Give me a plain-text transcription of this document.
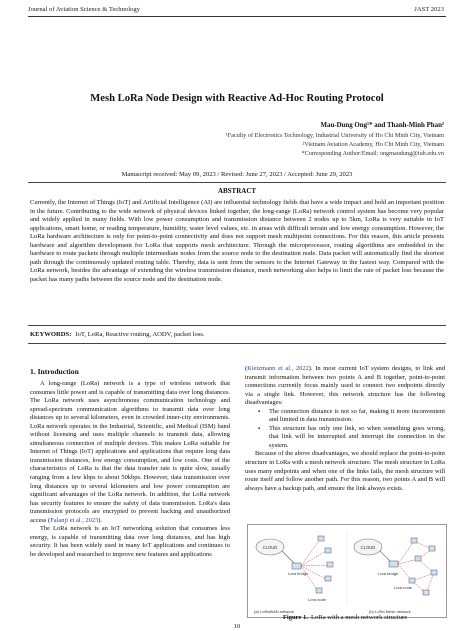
Journal of Aviation Science & Technology	JAST 2023
Mesh LoRa Node Design with Reactive Ad-Hoc Routing Protocol
Mau-Dung Ong¹* and Thanh-Minh Phan²
¹Faculty of Electronics Technology, Industrial University of Ho Chi Minh City, Vietnam
²Vietnam Aviation Academy, Ho Chi Minh City, Vietnam
*Corresponding Author/Email: ongmaudung@iuh.edu.vn
Manuscript received: May 09, 2023 / Revised: June 27, 2023 / Accepted: June 29, 2023
ABSTRACT

Currently, the Internet of Things (IoT) and Artificial Intelligence (AI) are influential technology fields that have a wide impact and hold an important position in the future. Contributing to the wide network of physical devices linked together, the long-range (LoRa) network control system has become very popular and widely applied in many fields. With low power consumption and transmission distance between 2 nodes up to 5km, LoRa is very suitable in IoT applications, smart home, or reading temperature, humidity, water level values, etc. in areas with difficult terrain and low energy consumption. However, the LoRa hardware architecture is only for point-to-point connectivity and does not support mesh multipoint connections. For this reason, this article presents hardware and algorithm development for LoRa that supports mesh architecture. Through the microprocessor, routing algorithms are embedded in the hardware to route packets through multiple intermediate nodes from the source node to the destination node. Data packet will automatically find the shortest path through the continuously updated routing table. Thereby, data is sent from the sensors to the Internet Gateway in the fastest way. Compared with the LoRa network, besides the advantage of extending the wireless transmission distance, mesh networking also helps to limit the rate of packet loss because the packet has many paths between the source node and the destination node.

KEYWORDS: IoT, LoRa, Reactive routing, AODV, packet loss.

1. Introduction

A long-range (LoRa) network is a type of wireless network that consumes little power and is capable of transmitting data over long distances. The LoRa network uses asynchronous communication technology and spread-spectrum communication algorithms to transmit data over long distances up to several kilometers, even in crowded inner-city environments. LoRa network operates in the Industrial, Scientific, and Medical (ISM) band without licensing and uses multiple channels to transmit data, allowing simultaneous connection of multiple devices. This makes LoRa suitable for Internet of Things (IoT) applications and applications that require long data transmission distances, low energy consumption, and low costs. One of the characteristics of LoRa is that the data transfer rate is quite slow, usually ranging from a few kbps to about 50kbps. However, data transmission over long distances up to several kilometers and low power consumption are significant advantages of the LoRa network. In addition, the LoRa network has security features to ensure the safety of data transmission. LoRa's data transmission protocols are encrypted to prevent hacking and unauthorized access (Falanji et al., 2023).

The LoRa network is an IoT networking solution that consumes less energy, is capable of transmitting data over long distances, and has high security. It has been widely used in many IoT applications and continues to be developed and researched to improve new features and applications

(Kietzmann et al., 2022). In most current IoT system designs, to link and transmit information between two points A and B together, point-to-point connections currently focus mainly used to connect two endpoints directly via a single link. However, this network structure has the following disadvantages:

▪ The connection distance is not so far, making it more inconvenient and limited in data transmission.
▪ This structure has only one link, so when something goes wrong, that link will be interrupted and interrupt the connection in the system.

Because of the above disadvantages, we should replace the point-to-point structure in LoRa with a mesh network structure. The mesh structure in LoRa uses many endpoints and when one of the links fails, the mesh structure will route itself and follow another path. For this reason, two points A and B will always have a backup path, and ensure the link always exists.

CLOUD
Lora bridge
Lora node
(a) LoRaWAN network
CLOUD
Lora bridge
Lora node
(b) LoRa Mesh network
Figure 1. LoRa with a mesh network structure
10
